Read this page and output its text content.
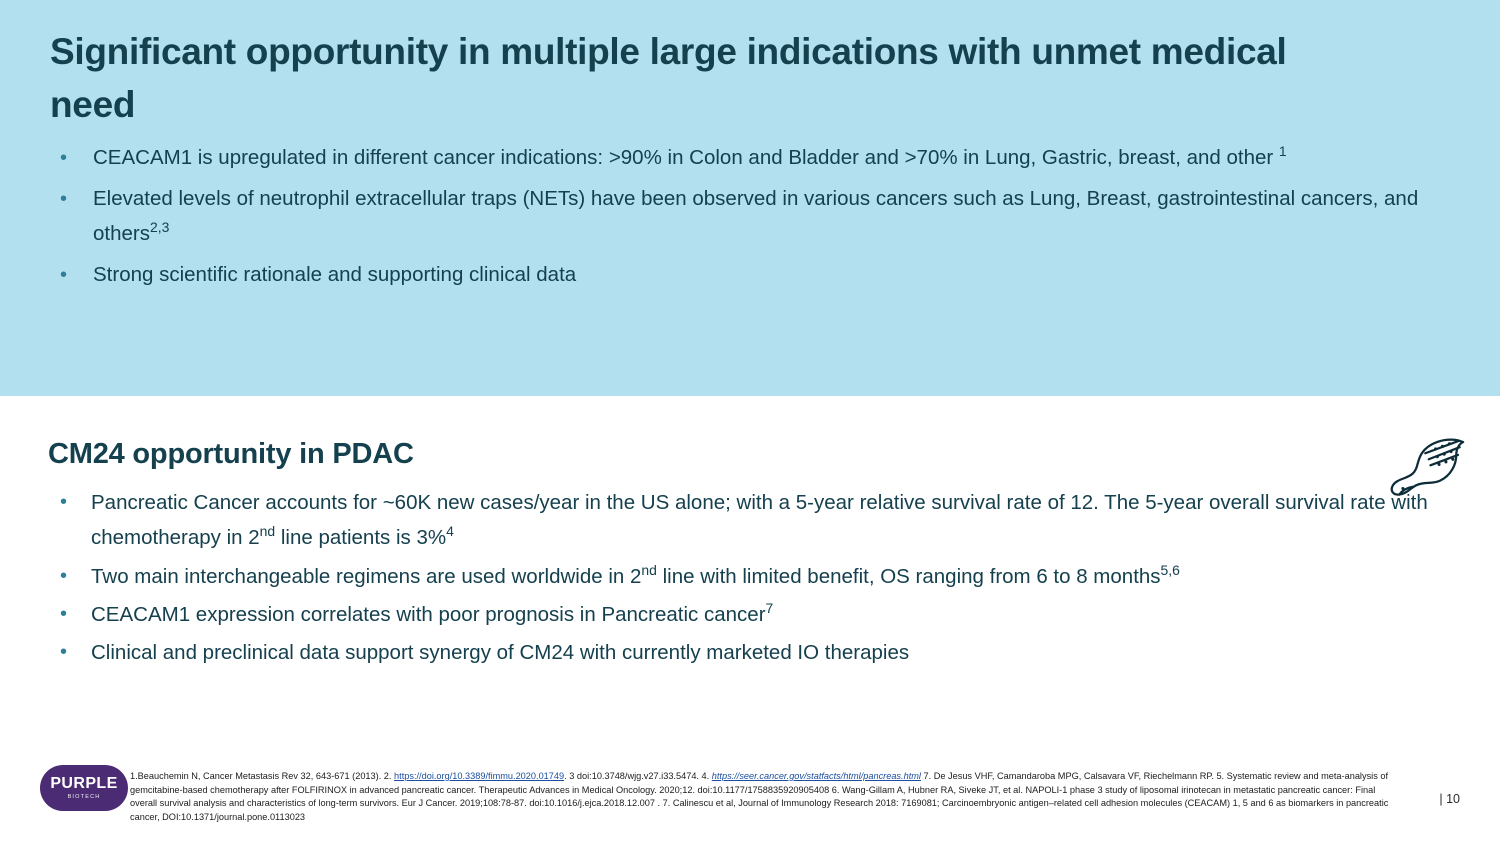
Significant opportunity in multiple large indications with unmet medical need
• CEACAM1 is upregulated in different cancer indications: >90% in Colon and Bladder and >70% in Lung, Gastric, breast, and other $^1$
• Elevated levels of neutrophil extracellular traps (NETs) have been observed in various cancers such as Lung, Breast, gastrointestinal cancers, and others$^{2,3}$
• Strong scientific rationale and supporting clinical data
CM24 opportunity in PDAC
• Pancreatic Cancer accounts for ~60K new cases/year in the US alone; with a 5-year relative survival rate of 12. The 5-year overall survival rate with chemotherapy in 2nd line patients is 3%$^4$
• Two main interchangeable regimens are used worldwide in 2nd line with limited benefit, OS ranging from 6 to 8 months$^{5,6}$
• CEACAM1 expression correlates with poor prognosis in Pancreatic cancer$^7$
• Clinical and preclinical data support synergy of CM24 with currently marketed IO therapies
PURPLE
BIOTECH
1.Beauchemin N, Cancer Metastasis Rev 32, 643-671 (2013). 2. https://doi.org/10.3389/fimmu.2020.01749. 3 doi:10.3748/wjg.v27.i33.5474. 4. https://seer.cancer.gov/statfacts/html/pancreas.html 7. De Jesus VHF, Camandaroba MPG, Calsavara VF, Riechelmann RP. 5. Systematic review and meta-analysis of gemcitabine-based chemotherapy after FOLFIRINOX in advanced pancreatic cancer. Therapeutic Advances in Medical Oncology. 2020;12. doi:10.1177/1758835920905408 6. Wang-Gillam A, Hubner RA, Siveke JT, et al. NAPOLI-1 phase 3 study of liposomal irinotecan in metastatic pancreatic cancer: Final overall survival analysis and characteristics of long-term survivors. Eur J Cancer. 2019;108:78-87. doi:10.1016/j.ejca.2018.12.007 . 7. Calinescu et al, Journal of Immunology Research 2018: 7169081; Carcinoembryonic antigen–related cell adhesion molecules (CEACAM) 1, 5 and 6 as biomarkers in pancreatic cancer, DOI:10.1371/journal.pone.0113023
| 10
